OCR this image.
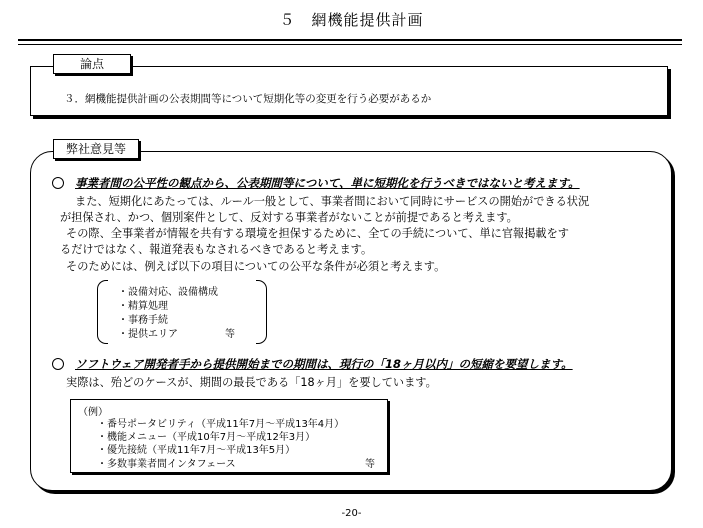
５　網機能提供計画
論点
３．網機能提供計画の公表期間等について短期化等の変更を行う必要があるか
弊社意見等
事業者間の公平性の観点から、公表期間等について、単に短期化を行うべきではないと考えます。
また、短期化にあたっては、ルール一般として、事業者間において同時にサービスの開始ができる状況
が担保され、かつ、個別案件として、反対する事業者がないことが前提であると考えます。
その際、全事業者が情報を共有する環境を担保するために、全ての手続について、単に官報掲載をす
るだけではなく、報道発表もなされるべきであると考えます。
そのためには、例えば以下の項目についての公平な条件が必須と考えます。
・設備対応、設備構成
・精算処理
・事務手続
・提供エリア	等
ソフトウェア開発者手から提供開始までの期間は、現行の「18ヶ月以内」の短縮を要望します。
実際は、殆どのケースが、期間の最長である「18ヶ月」を要しています。
（例）
・番号ポータビリティ（平成11年7月～平成13年4月）
・機能メニュー（平成10年7月～平成12年3月）
・優先接続（平成11年7月～平成13年5月）
・多数事業者間インタフェース	等
-20-
